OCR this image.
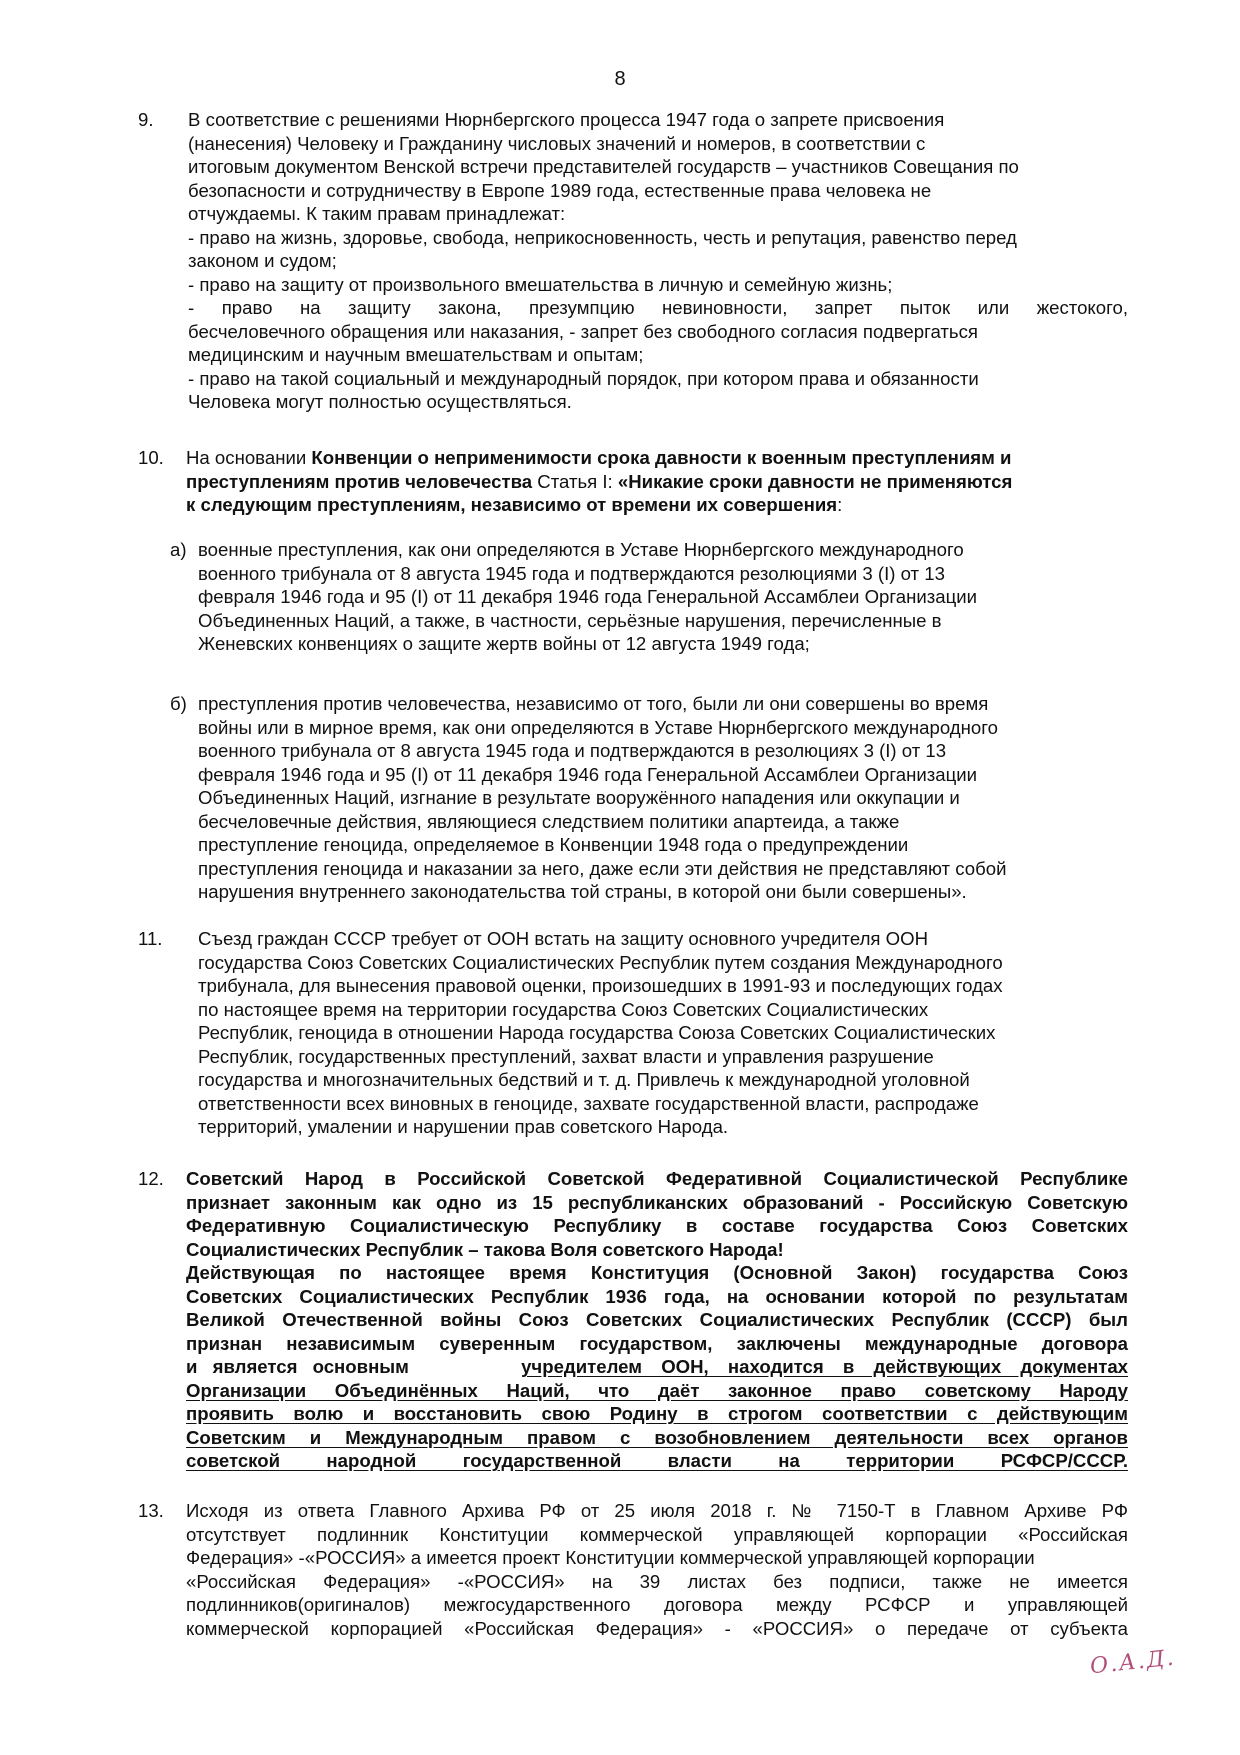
8
9. В соответствие с решениями Нюрнбергского процесса 1947 года о запрете присвоения
(нанесения) Человеку и Гражданину числовых значений и номеров, в соответствии с
итоговым документом Венской встречи представителей государств – участников Совещания по
безопасности и сотрудничеству в Европе 1989 года, естественные права человека не
отчуждаемы. К таким правам принадлежат:
- право на жизнь, здоровье, свобода, неприкосновенность, честь и репутация, равенство перед
законом и судом;
- право на защиту от произвольного вмешательства в личную и семейную жизнь;
- право на защиту закона, презумпцию невиновности, запрет пыток или жестокого,
бесчеловечного обращения или наказания, - запрет без свободного согласия подвергаться
медицинским и научным вмешательствам и опытам;
- право на такой социальный и международный порядок, при котором права и обязанности
Человека могут полностью осуществляться.
10. На основании Конвенции о неприменимости срока давности к военным преступлениям и
преступлениям против человечества Статья I: «Никакие сроки давности не применяются
к следующим преступлениям, независимо от времени их совершения:
а) военные преступления, как они определяются в Уставе Нюрнбергского международного
военного трибунала от 8 августа 1945 года и подтверждаются резолюциями 3 (I) от 13
февраля 1946 года и 95 (I) от 11 декабря 1946 года Генеральной Ассамблеи Организации
Объединенных Наций, а также, в частности, серьёзные нарушения, перечисленные в
Женевских конвенциях о защите жертв войны от 12 августа 1949 года;
б) преступления против человечества, независимо от того, были ли они совершены во время
войны или в мирное время, как они определяются в Уставе Нюрнбергского международного
военного трибунала от 8 августа 1945 года и подтверждаются в резолюциях 3 (I) от 13
февраля 1946 года и 95 (I) от 11 декабря 1946 года Генеральной Ассамблеи Организации
Объединенных Наций, изгнание в результате вооружённого нападения или оккупации и
бесчеловечные действия, являющиеся следствием политики апартеида, а также
преступление геноцида, определяемое в Конвенции 1948 года о предупреждении
преступления геноцида и наказании за него, даже если эти действия не представляют собой
нарушения внутреннего законодательства той страны, в которой они были совершены».
11. Съезд граждан СССР требует от ООН встать на защиту основного учредителя ООН
государства Союз Советских Социалистических Республик путем создания Международного
трибунала, для вынесения правовой оценки, произошедших в 1991-93 и последующих годах
по настоящее время на территории государства Союз Советских Социалистических
Республик, геноцида в отношении Народа государства Союза Советских Социалистических
Республик, государственных преступлений, захват власти и управления разрушение
государства и многозначительных бедствий и т. д. Привлечь к международной уголовной
ответственности всех виновных в геноциде, захвате государственной власти, распродаже
территорий, умалении и нарушении прав советского Народа.
12. Советский Народ в Российской Советской Федеративной Социалистической Республике
признает законным как одно из 15 республиканских образований - Российскую Советскую
Федеративную Социалистическую Республику в составе государства Союз Советских
Социалистических Республик – такова Воля советского Народа!
Действующая по настоящее время Конституция (Основной Закон) государства Союз
Советских Социалистических Республик 1936 года, на основании которой по результатам
Великой Отечественной войны Союз Советских Социалистических Республик (СССР) был
признан независимым суверенным государством, заключены международные договора
и является основным	учредителем ООН, находится в действующих документах
Организации Объединённых Наций, что даёт законное право советскому Народу
проявить волю и восстановить свою Родину в строгом соответствии с действующим
Советским и Международным правом с возобновлением деятельности всех органов
советской народной государственной власти на территории РСФСР/СССР.
13. Исходя из ответа Главного Архива РФ от 25 июля 2018 г. № 7150-Т в Главном Архиве РФ
отсутствует подлинник Конституции коммерческой управляющей корпорации «Российская
Федерация» -«РОССИЯ» а имеется проект Конституции коммерческой управляющей корпорации
«Российская Федерация» -«РОССИЯ» на 39 листах без подписи, также не имеется
подлинников(оригиналов) межгосударственного договора между РСФСР и управляющей
коммерческой корпорацией «Российская Федерация» - «РОССИЯ» о передаче от субъекта
О.А.Д.
